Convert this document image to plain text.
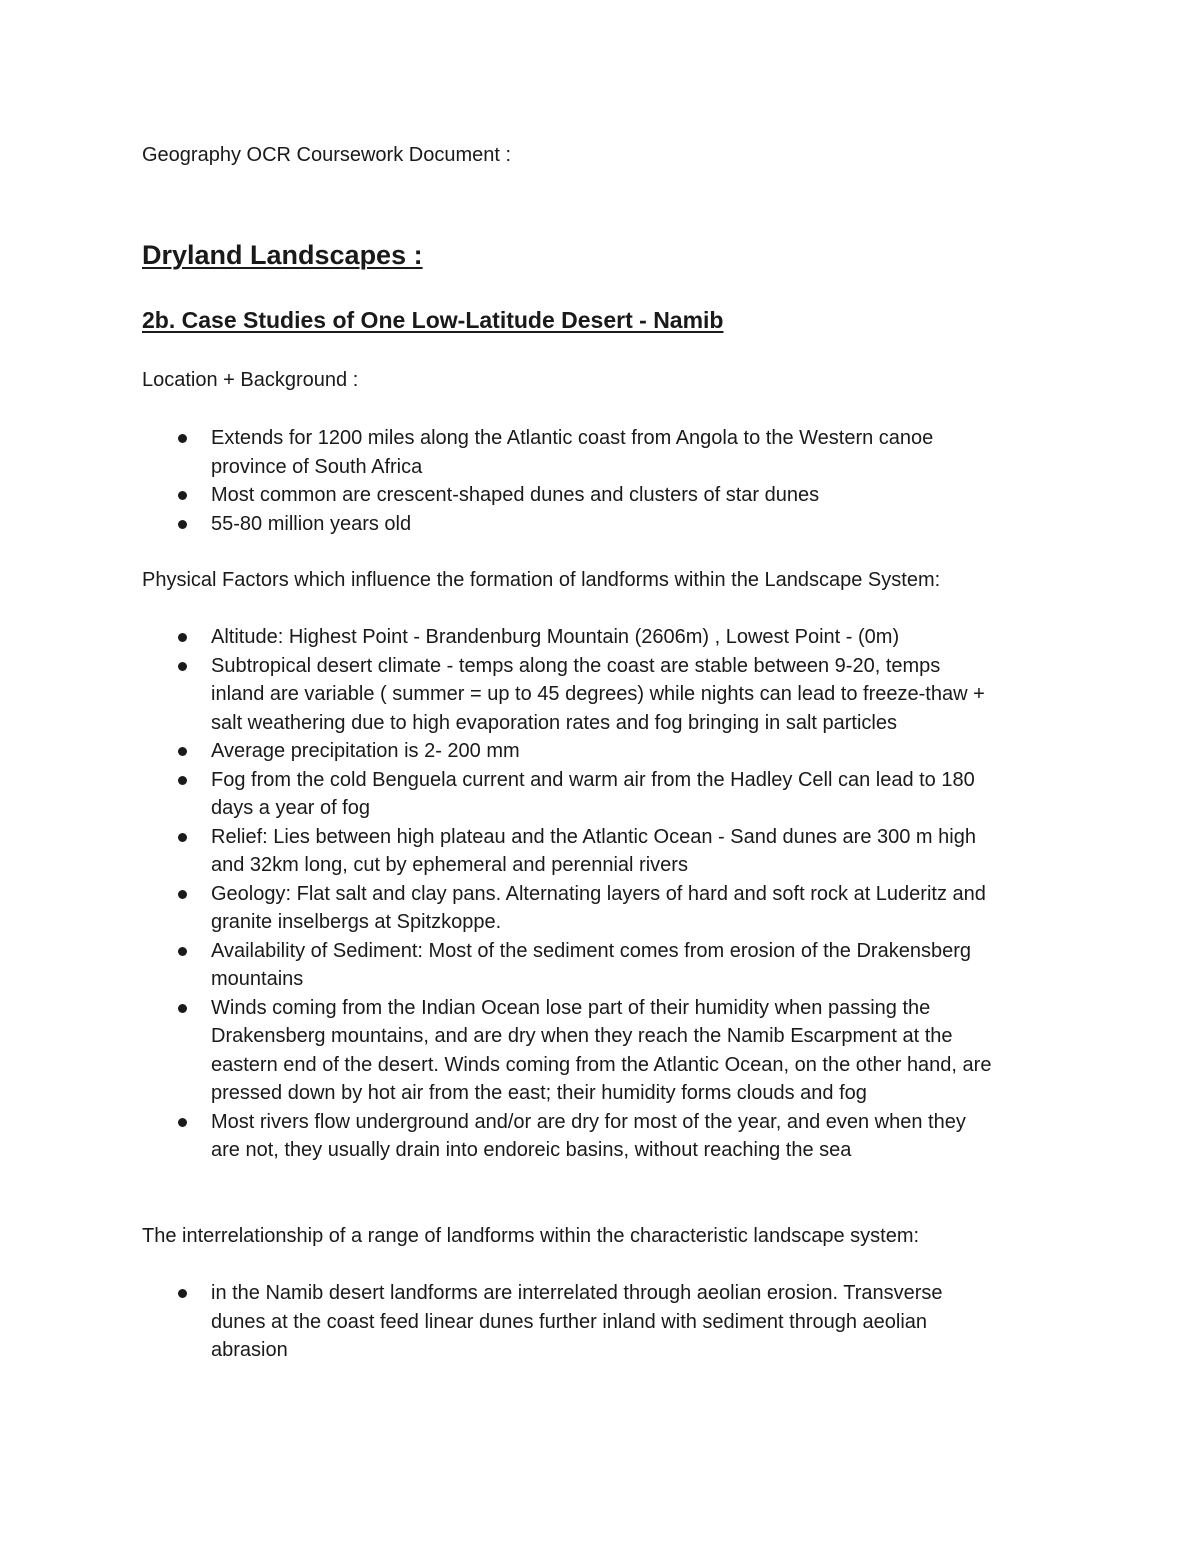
Geography OCR Coursework Document :
Dryland Landscapes :
2b. Case Studies of One Low-Latitude Desert - Namib
Location + Background :
Extends for 1200 miles along the Atlantic coast from Angola to the Western canoe
province of South Africa
Most common are crescent-shaped dunes and clusters of star dunes
55-80 million years old
Physical Factors which influence the formation of landforms within the Landscape System:
Altitude: Highest Point - Brandenburg Mountain (2606m) , Lowest Point - (0m)
Subtropical desert climate - temps along the coast are stable between 9-20, temps
inland are variable ( summer = up to 45 degrees) while nights can lead to freeze-thaw +
salt weathering due to high evaporation rates and fog bringing in salt particles
Average precipitation is 2- 200 mm
Fog from the cold Benguela current and warm air from the Hadley Cell can lead to 180
days a year of fog
Relief: Lies between high plateau and the Atlantic Ocean - Sand dunes are 300 m high
and 32km long, cut by ephemeral and perennial rivers
Geology: Flat salt and clay pans. Alternating layers of hard and soft rock at Luderitz and
granite inselbergs at Spitzkoppe.
Availability of Sediment: Most of the sediment comes from erosion of the Drakensberg
mountains
Winds coming from the Indian Ocean lose part of their humidity when passing the
Drakensberg mountains, and are dry when they reach the Namib Escarpment at the
eastern end of the desert. Winds coming from the Atlantic Ocean, on the other hand, are
pressed down by hot air from the east; their humidity forms clouds and fog
Most rivers flow underground and/or are dry for most of the year, and even when they
are not, they usually drain into endoreic basins, without reaching the sea
The interrelationship of a range of landforms within the characteristic landscape system:
in the Namib desert landforms are interrelated through aeolian erosion. Transverse
dunes at the coast feed linear dunes further inland with sediment through aeolian
abrasion
